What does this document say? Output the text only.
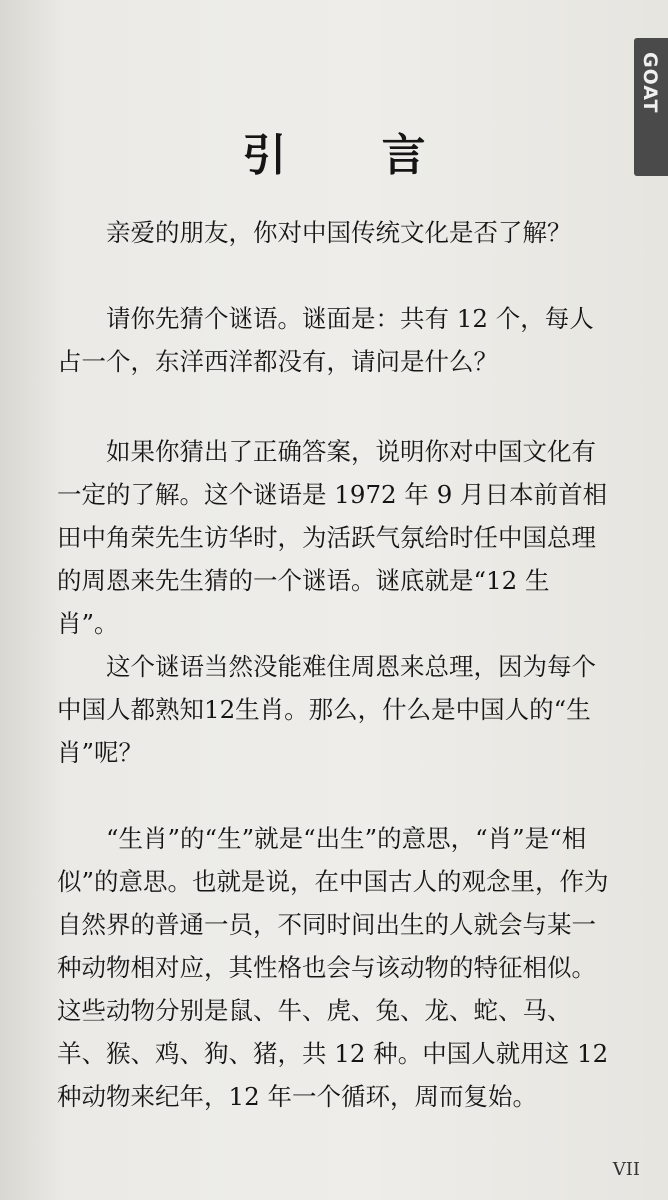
GOAT
引 言

亲爱的朋友，你对中国传统文化是否了解？

请你先猜个谜语。谜面是：共有 12 个，每人占一个，东洋西洋都没有，请问是什么？

如果你猜出了正确答案，说明你对中国文化有一定的了解。这个谜语是 1972 年 9 月日本前首相田中角荣先生访华时，为活跃气氛给时任中国总理的周恩来先生猜的一个谜语。谜底就是“12 生肖”。

这个谜语当然没能难住周恩来总理，因为每个中国人都熟知12生肖。那么，什么是中国人的“生肖”呢？

“生肖”的“生”就是“出生”的意思，“肖”是“相似”的意思。也就是说，在中国古人的观念里，作为自然界的普通一员，不同时间出生的人就会与某一种动物相对应，其性格也会与该动物的特征相似。这些动物分别是鼠、牛、虎、兔、龙、蛇、马、羊、猴、鸡、狗、猪，共 12 种。中国人就用这 12 种动物来纪年，12 年一个循环，周而复始。

VII
